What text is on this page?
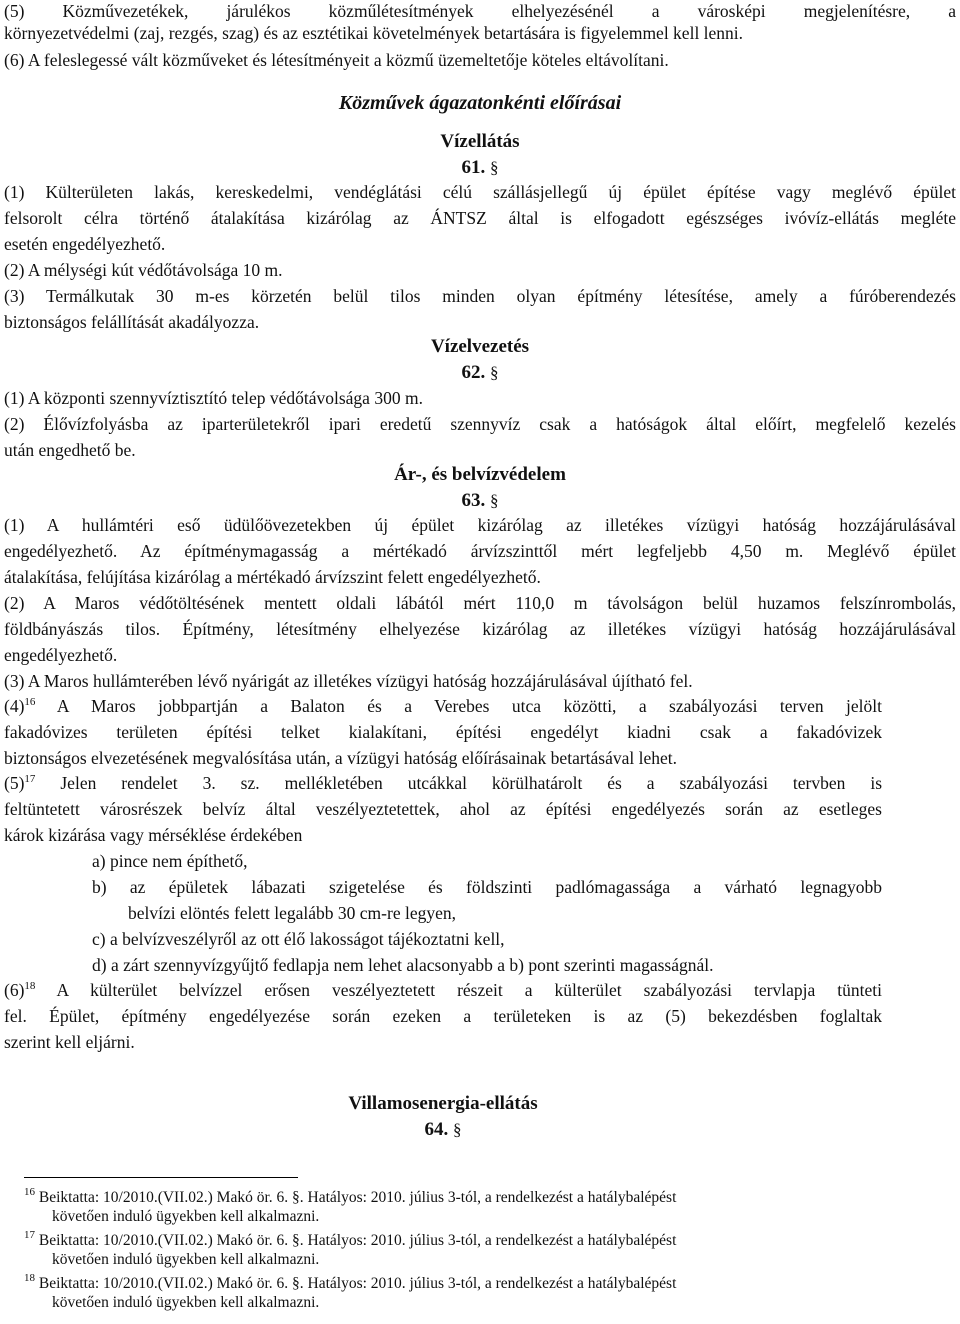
(5) Közművezetékek, járulékos közműlétesítmények elhelyezésénél a városképi megjelenítésre, a
környezetvédelmi (zaj, rezgés, szag) és az esztétikai követelmények betartására is figyelemmel kell lenni.
(6) A feleslegessé vált közműveket és létesítményeit a közmű üzemeltetője köteles eltávolítani.
Közművek ágazatonkénti előírásai
Vízellátás
61. §
(1) Külterületen lakás, kereskedelmi, vendéglátási célú szállásjellegű új épület építése vagy meglévő épület
felsorolt célra történő átalakítása kizárólag az ÁNTSZ által is elfogadott egészséges ivóvíz-ellátás megléte
esetén engedélyezhető.
(2) A mélységi kút védőtávolsága 10 m.
(3) Termálkutak 30 m-es körzetén belül tilos minden olyan építmény létesítése, amely a fúróberendezés
biztonságos felállítását akadályozza.
Vízelvezetés
62. §
(1) A központi szennyvíztisztító telep védőtávolsága 300 m.
(2) Élővízfolyásba az iparterületekről ipari eredetű szennyvíz csak a hatóságok által előírt, megfelelő kezelés
után engedhető be.
Ár-, és belvízvédelem
63. §
(1) A hullámtéri eső üdülőövezetekben új épület kizárólag az illetékes vízügyi hatóság hozzájárulásával
engedélyezhető. Az építménymagasság a mértékadó árvízszinttől mért legfeljebb 4,50 m. Meglévő épület
átalakítása, felújítása kizárólag a mértékadó árvízszint felett engedélyezhető.
(2) A Maros védőtöltésének mentett oldali lábától mért 110,0 m távolságon belül huzamos felszínrombolás,
földbányászás tilos. Építmény, létesítmény elhelyezése kizárólag az illetékes vízügyi hatóság hozzájárulásával
engedélyezhető.
(3) A Maros hullámterében lévő nyárigát az illetékes vízügyi hatóság hozzájárulásával újítható fel.
$(4)^{16}$ A Maros jobbpartján a Balaton és a Verebes utca közötti, a szabályozási terven jelölt
fakadóvizes területen építési telket kialakítani, építési engedélyt kiadni csak a fakadóvizek
biztonságos elvezetésének megvalósítása után, a vízügyi hatóság előírásainak betartásával lehet.
$(5)^{17}$ Jelen rendelet 3. sz. mellékletében utcákkal körülhatárolt és a szabályozási tervben is
feltüntetett városrészek belvíz által veszélyeztetettek, ahol az építési engedélyezés során az esetleges
károk kizárása vagy mérséklése érdekében
a) pince nem építhető,
b) az épületek lábazati szigetelése és földszinti padlómagassága a várható legnagyobb
belvízi elöntés felett legalább 30 cm-re legyen,
c) a belvízveszélyről az ott élő lakosságot tájékoztatni kell,
d) a zárt szennyvízgyűjtő fedlapja nem lehet alacsonyabb a b) pont szerinti magasságnál.
$(6)^{18}$ A külterület belvízzel erősen veszélyeztetett részeit a külterület szabályozási tervlapja tünteti
fel. Épület, építmény engedélyezése során ezeken a területeken is az (5) bekezdésben foglaltak
szerint kell eljárni.
Villamosenergia-ellátás
64. §
$^{16}$ Beiktatta: 10/2010.(VII.02.) Makó ör. 6. §. Hatályos: 2010. július 3-tól, a rendelkezést a hatálybalépést
követően induló ügyekben kell alkalmazni.
$^{17}$ Beiktatta: 10/2010.(VII.02.) Makó ör. 6. §. Hatályos: 2010. július 3-tól, a rendelkezést a hatálybalépést
követően induló ügyekben kell alkalmazni.
$^{18}$ Beiktatta: 10/2010.(VII.02.) Makó ör. 6. §. Hatályos: 2010. július 3-tól, a rendelkezést a hatálybalépést
követően induló ügyekben kell alkalmazni.
